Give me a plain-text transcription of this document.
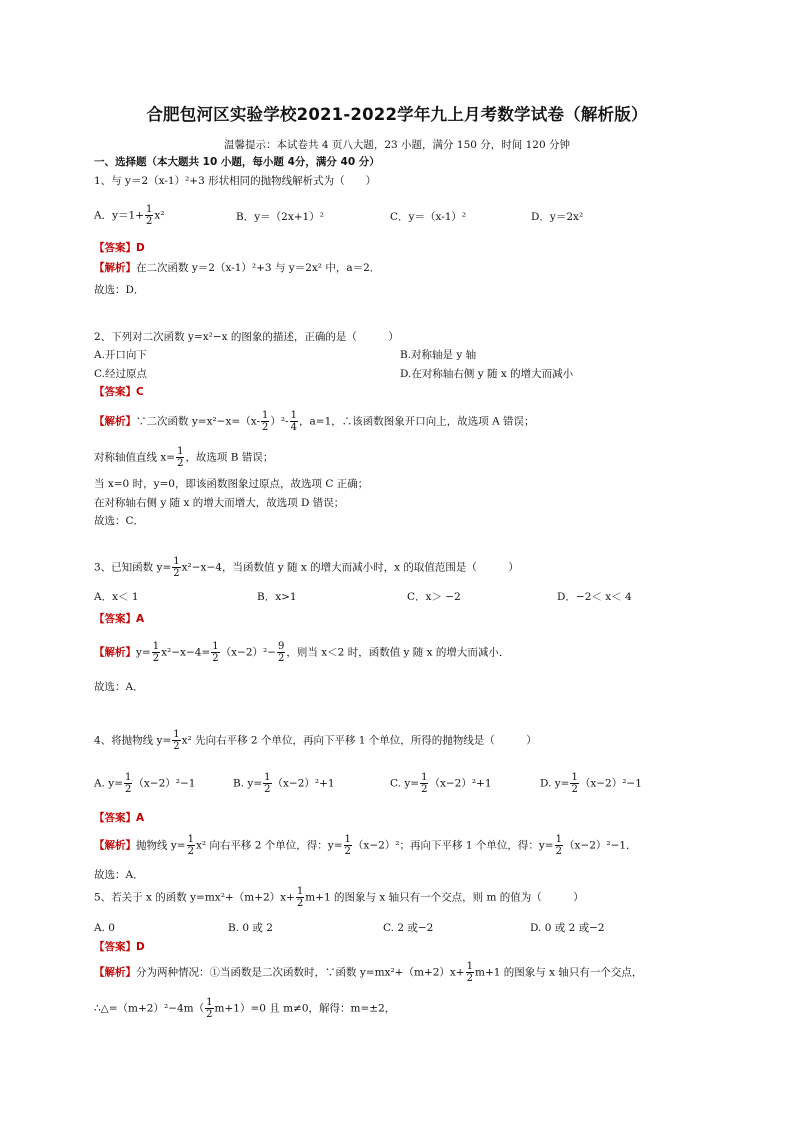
合肥包河区实验学校2021-2022学年九上月考数学试卷（解析版）
温馨提示：本试卷共 4 页八大题，23 小题，满分 150 分，时间 120 分钟
一、选择题（本大题共 10 小题，每小题 4分，满分 40 分）
1、与 y＝2（x-1）²+3 形状相同的抛物线解析式为（　　）
A．$y=1+ \frac{1}{2} x^2$	B．y＝（2x+1）²	C．y＝（x-1）²	D．y＝2x²
【答案】D
【解析】在二次函数 y＝2（x-1）²+3 与 y＝2x² 中，a＝2．
故选：D．
2、下列对二次函数 y=x²−x 的图象的描述，正确的是（　　　）
A.开口向下	B.对称轴是 y 轴
C.经过原点	D.在对称轴右侧 y 随 x 的增大而减小
【答案】C
【解析】∵二次函数 $y=x^2-x=(x- \frac{1}{2} )^2- \frac{1}{4}$ ，a=1，∴该函数图象开口向上，故选项 A 错误；
对称轴值直线 $x= \frac{1}{2}$ ，故选项 B 错误；
当 x=0 时，y=0，即该函数图象过原点，故选项 C 正确；
在对称轴右侧 y 随 x 的增大而增大，故选项 D 错误；
故选：C．
3、已知函数 $y= \frac{1}{2} x^2-x-4$，当函数值 y 随 x 的增大而减小时，x 的取值范围是（　　　）
A．x＜ 1	B．x>1	C．x＞ −2	D．−2＜ x＜ 4
【答案】A
【解析】$y= \frac{1}{2} x^2-x-4= \frac{1}{2} (x-2)^2- \frac{9}{2}$ ，则当 x＜2 时，函数值 y 随 x 的增大而减小．
故选：A．
4、将抛物线 $y= \frac{1}{2} x^2$ 先向右平移 2 个单位，再向下平移 1 个单位，所得的抛物线是（　　　）
A. $y= \frac{1}{2} (x-2)^2-1$	B. $y= \frac{1}{2} (x-2)^2+1$	C. $y= \frac{1}{2} (x-2)^2+1$	D. $y= \frac{1}{2} (x-2)^2-1$
【答案】A
【解析】抛物线 $y= \frac{1}{2} x^2$ 向右平移 2 个单位，得：$y= \frac{1}{2} (x-2)^2$；再向下平移 1 个单位，得：$y= \frac{1}{2} (x-2)^2-1$．
故选：A．
5、若关于 x 的函数 $y=mx^2+(m+2)x+ \frac{1}{2} m+1$ 的图象与 x 轴只有一个交点，则 m 的值为（　　　）
A. 0	B. 0 或 2	C. 2 或−2	D. 0 或 2 或−2
【答案】D
【解析】分为两种情况：①当函数是二次函数时，∵函数 $y=mx^2+(m+2)x+ \frac{1}{2} m+1$ 的图象与 x 轴只有一个交点，
∴△=（m+2）²−4m（ $\frac{1}{2} m+1)=0$ 且 m≠0，解得：m=±2，
